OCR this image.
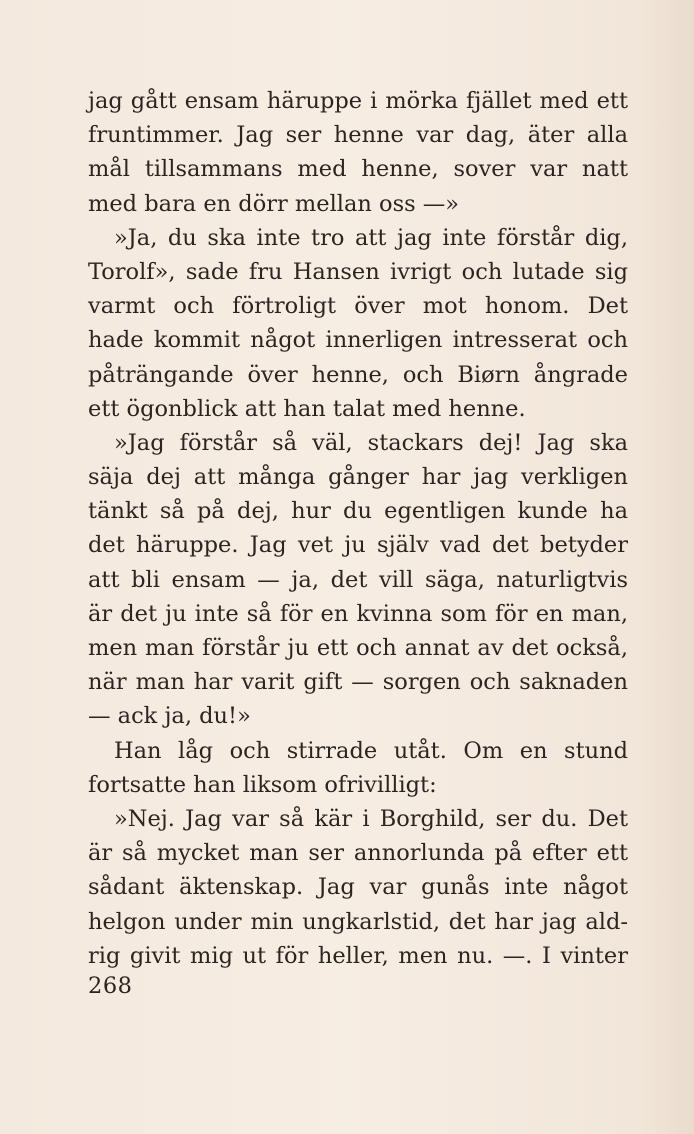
jag gått ensam häruppe i mörka fjället med ett
fruntimmer. Jag ser henne var dag, äter alla
mål tillsammans med henne, sover var natt
med bara en dörr mellan oss —»
»Ja, du ska inte tro att jag inte förstår dig,
Torolf», sade fru Hansen ivrigt och lutade sig
varmt och förtroligt över mot honom. Det
hade kommit något innerligen intresserat och
påträngande över henne, och Biørn ångrade
ett ögonblick att han talat med henne.
»Jag förstår så väl, stackars dej! Jag ska
säja dej att många gånger har jag verkligen
tänkt så på dej, hur du egentligen kunde ha
det häruppe. Jag vet ju själv vad det betyder
att bli ensam — ja, det vill säga, naturligtvis
är det ju inte så för en kvinna som för en man,
men man förstår ju ett och annat av det också,
när man har varit gift — sorgen och saknaden
— ack ja, du!»
Han låg och stirrade utåt. Om en stund
fortsatte han liksom ofrivilligt:
»Nej. Jag var så kär i Borghild, ser du. Det
är så mycket man ser annorlunda på efter ett
sådant äktenskap. Jag var gunås inte något
helgon under min ungkarlstid, det har jag ald-
rig givit mig ut för heller, men nu. —. I vinter
268
